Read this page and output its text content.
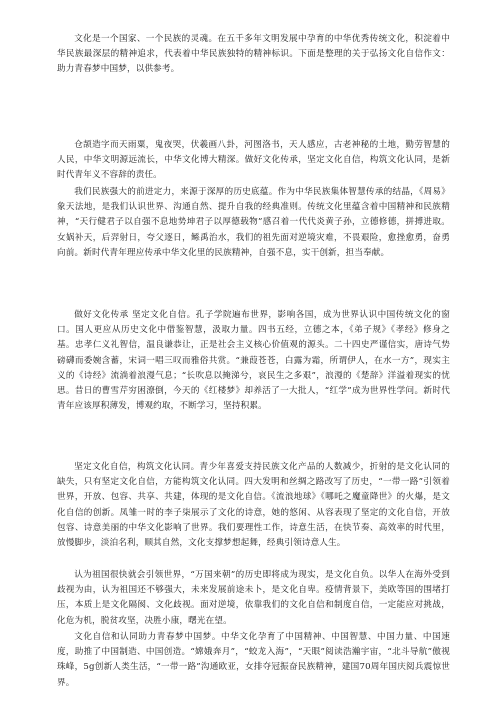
文化是一个国家、一个民族的灵魂。在五千多年文明发展中孕育的中华优秀传统文化，积淀着中华民族最深层的精神追求，代表着中华民族独特的精神标识。下面是整理的关于弘扬文化自信作文：助力青春梦中国梦，以供参考。

仓颉造字而天雨粟，鬼夜哭，伏羲画八卦，河图洛书，天人感应，古老神秘的土地，勤劳智慧的人民，中华文明源远流长，中华文化博大精深。做好文化传承，坚定文化自信，构筑文化认同，是新时代青年义不容辞的责任。

我们民族强大的前进定力，来源于深厚的历史底蕴。作为中华民族集体智慧传承的结晶，《周易》象天法地，是我们认识世界、沟通自然、提升自我的经典准则。传统文化里蕴含着中国精神和民族精神，“天行健君子以自强不息地势坤君子以厚德载物”感召着一代代炎黄子孙，立德修德，拼搏进取。女娲补天，后羿射日，夸父逐日，鲧禹治水，我们的祖先面对逆境灾难，不畏艰险，愈挫愈勇，奋勇向前。新时代青年理应传承中华文化里的民族精神，自强不息，实干创新，担当奉献。

做好文化传承 坚定文化自信。孔子学院遍布世界，影响各国，成为世界认识中国传统文化的窗口。国人更应从历史文化中借鉴智慧，汲取力量。四书五经，立德之本，《弟子规》《孝经》修身之基。忠孝仁义礼智信，温良谦恭让，正是社会主义核心价值观的源头。二十四史严谨信实，唐诗气势磅礴而委婉含蓄，宋词一唱三叹而雅俗共赏。“兼葭苍苍，白露为霜，所谓伊人，在水一方”，现实主义的《诗经》流淌着浪漫气息；“长吹息以掩涕兮，哀民生之多艰”，浪漫的《楚辞》洋溢着现实的忧思。昔日的曹雪芹穷困潦倒，今天的《红楼梦》却养活了一大批人，“红学”成为世界性学问。新时代青年应该厚积薄发，博观约取，不断学习，坚持积累。

坚定文化自信，构筑文化认同。青少年喜爱支持民族文化产品的人数减少，折射的是文化认同的缺失，只有坚定文化自信，方能构筑文化认同。四大发明和丝绸之路改写了历史，“一带一路”引领着世界，开放、包容、共享、共建，体现的是文化自信。《流浪地球》《哪吒之魔童降世》的火爆，是文化自信的创新。凤雏一时的李子柒展示了文化的诗意，她的悠闲、从容表现了坚定的文化自信，开放包容、诗意美丽的中华文化影响了世界。我们要理性工作，诗意生活，在快节奏、高效率的时代里，放慢脚步，淡泊名利，顺其自然，文化支撑梦想起舞，经典引领诗意人生。

认为祖国很快就会引领世界，“万国来朝”的历史即将成为现实，是文化自负。以华人在海外受到歧视为由，认为祖国还不够强大，未来发展前途未卜，是文化自卑。疫情背景下，美欧等国的围堵打压，本质上是文化隔阂、文化歧视。面对逆境，依靠我们的文化自信和制度自信，一定能应对挑战，化危为机，脱贫攻坚，决胜小康，曙光在望。

文化自信和认同助力青春梦中国梦。中华文化孕育了中国精神、中国智慧、中国力量、中国速度，助推了中国制造、中国创造。“嫦娥奔月”，“蛟龙入海”，“天眼”阅读浩瀚宇宙，“北斗导航”傲视珠峰，5g创新人类生活，“一带一路”沟通欧亚，女排夺冠振奋民族精神，建国70周年国庆阅兵震惊世界。
